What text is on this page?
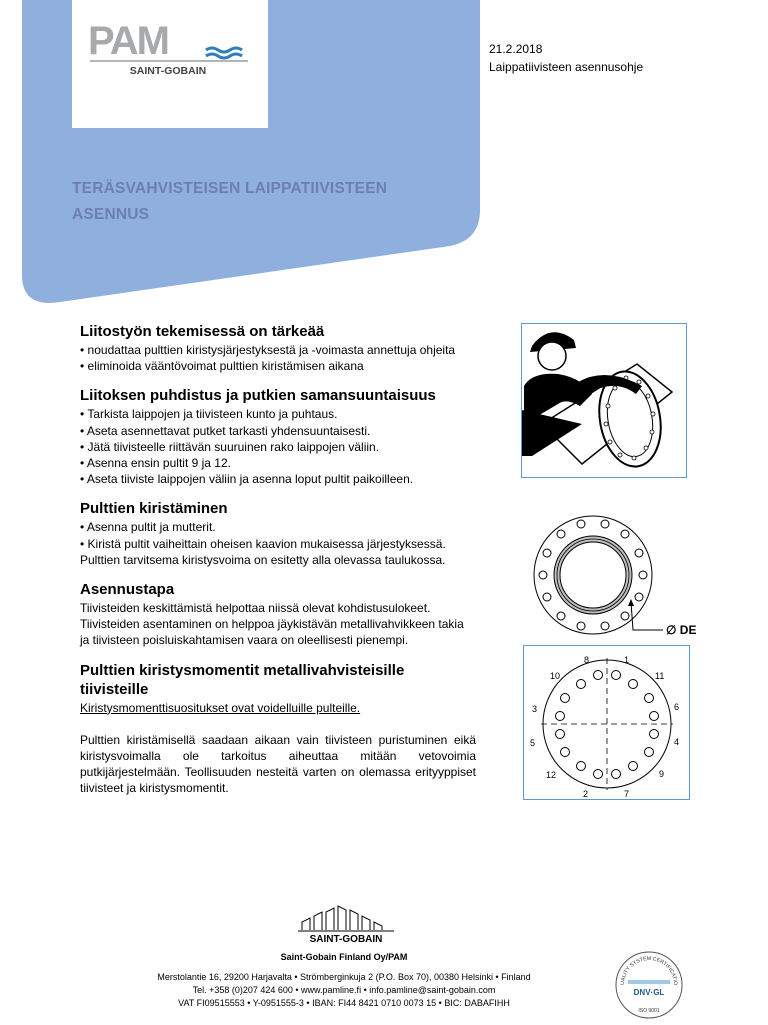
PAM
SAINT-GOBAIN
21.2.2018
Laippatiivisteen asennusohje
TERÄSVAHVISTEISEN LAIPPATIIVISTEEN
ASENNUS
Liitostyön tekemisessä on tärkeää

• noudattaa pulttien kiristysjärjestyksestä ja -voimasta annettuja ohjeita

• eliminoida vääntövoimat pulttien kiristämisen aikana

Liitoksen puhdistus ja putkien samansuuntaisuus

• Tarkista laippojen ja tiivisteen kunto ja puhtaus.

• Aseta asennettavat putket tarkasti yhdensuuntaisesti.

• Jätä tiivisteelle riittävän suuruinen rako laippojen väliin.

• Asenna ensin pultit 9 ja 12.

• Aseta tiiviste laippojen väliin ja asenna loput pultit paikoilleen.

Pulttien kiristäminen

• Asenna pultit ja mutterit.

• Kiristä pultit vaiheittain oheisen kaavion mukaisessa järjestyksessä. Pulttien tarvitsema kiristysvoima on esitetty alla olevassa taulukossa.

Asennustapa

Tiivisteiden keskittämistä helpottaa niissä olevat kohdistusulokeet. Tiivisteiden asentaminen on helppoa jäykistävän metallivahvikkeen takia ja tiivisteen poisluiskahtamisen vaara on oleellisesti pienempi.

Pulttien kiristysmomentit metallivahvisteisille tiivisteille

Kiristysmomenttisuositukset ovat voidelluille pulteille.

Pulttien kiristämisellä saadaan aikaan vain tiivisteen puristuminen eikä kiristysvoimalla ole tarkoitus aiheuttaa mitään vetovoimia putkijärjestelmään. Teollisuuden nesteitä varten on olemassa erityyppiset tiivisteet ja kiristysmomentit.

∅ DE
1
2
3
4
5
6
7
8
9
10	11
12
SAINT-GOBAIN
Saint-Gobain Finland Oy/PAM
Merstolantie 16, 29200 Harjavalta • Strömberginkuja 2 (P.O. Box 70), 00380 Helsinki • Finland
Tel. +358 (0)207 424 600 • www.pamline.fi • info.pamline@saint-gobain.com
VAT FI09515553 • Y-0951555-3 • IBAN: FI44 8421 0710 0073 15 • BIC: DABAFIHH
UALITY SYSTEM CERTIFICATIO
DNV·GL
ISO 9001
